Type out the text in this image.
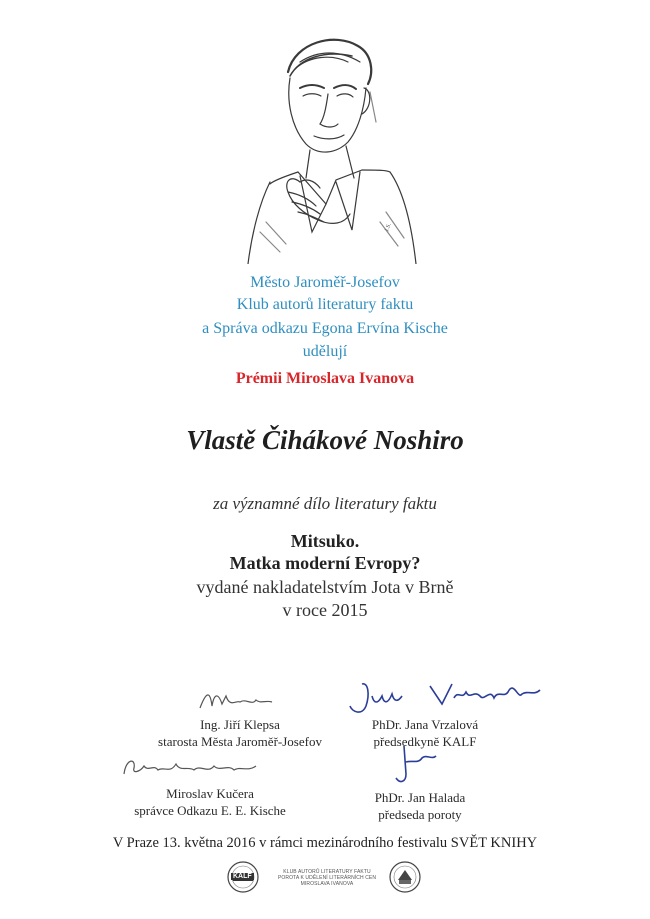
J.S.
Město Jaroměř-Josefov
Klub autorů literatury faktu
a Správa odkazu Egona Ervína Kische
udělují
Prémii Miroslava Ivanova
Vlastě Čihákové Noshiro
za významné dílo literatury faktu
Mitsuko.
Matka moderní Evropy?
vydané nakladatelstvím Jota v Brně
v roce 2015
Ing. Jiří Klepsa
starosta Města Jaroměř-Josefov
PhDr. Jana Vrzalová
předsedkyně KALF
Miroslav Kučera
správce Odkazu E. E. Kische
PhDr. Jan Halada
předseda poroty
V Praze 13. května 2016 v rámci mezinárodního festivalu SVĚT KNIHY
KALF
KLUB AUTORŮ LITERATURY FAKTU
POROTA K UDĚLENÍ LITERÁRNÍCH CEN
MIROSLAVA IVANOVA
